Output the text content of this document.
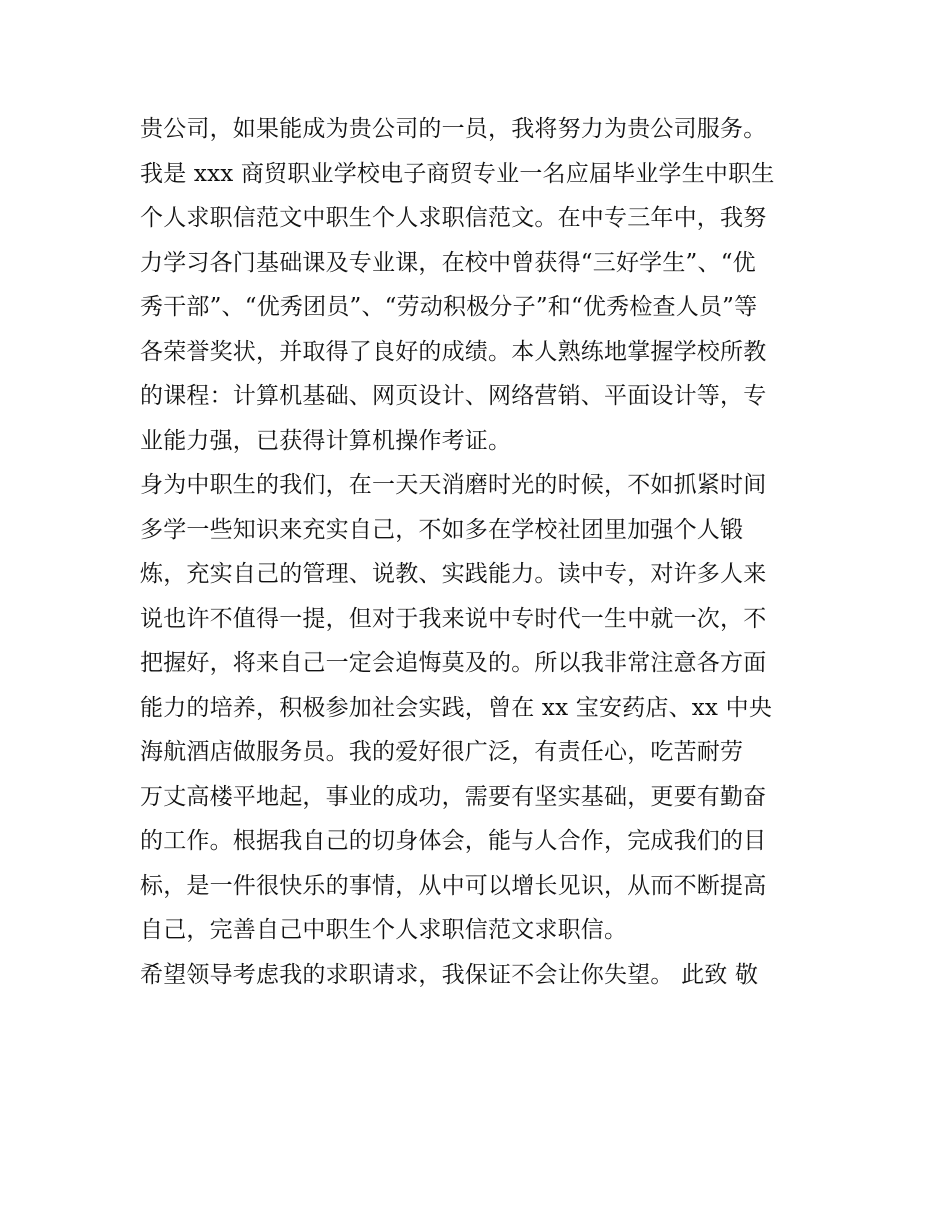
贵公司，如果能成为贵公司的一员，我将努力为贵公司服务。
我是 xxx 商贸职业学校电子商贸专业一名应届毕业学生中职生
个人求职信范文中职生个人求职信范文。在中专三年中，我努
力学习各门基础课及专业课，在校中曾获得“三好学生”、“优
秀干部”、“优秀团员”、“劳动积极分子”和“优秀检查人员”等
各荣誉奖状，并取得了良好的成绩。本人熟练地掌握学校所教
的课程：计算机基础、网页设计、网络营销、平面设计等，专
业能力强，已获得计算机操作考证。
身为中职生的我们，在一天天消磨时光的时候，不如抓紧时间
多学一些知识来充实自己，不如多在学校社团里加强个人锻
炼，充实自己的管理、说教、实践能力。读中专，对许多人来
说也许不值得一提，但对于我来说中专时代一生中就一次，不
把握好，将来自己一定会追悔莫及的。所以我非常注意各方面
能力的培养，积极参加社会实践，曾在 xx 宝安药店、xx 中央
海航酒店做服务员。我的爱好很广泛，有责任心，吃苦耐劳
万丈高楼平地起，事业的成功，需要有坚实基础，更要有勤奋
的工作。根据我自己的切身体会，能与人合作，完成我们的目
标，是一件很快乐的事情，从中可以增长见识，从而不断提高
自己，完善自己中职生个人求职信范文求职信。
希望领导考虑我的求职请求，我保证不会让你失望。 此致 敬
